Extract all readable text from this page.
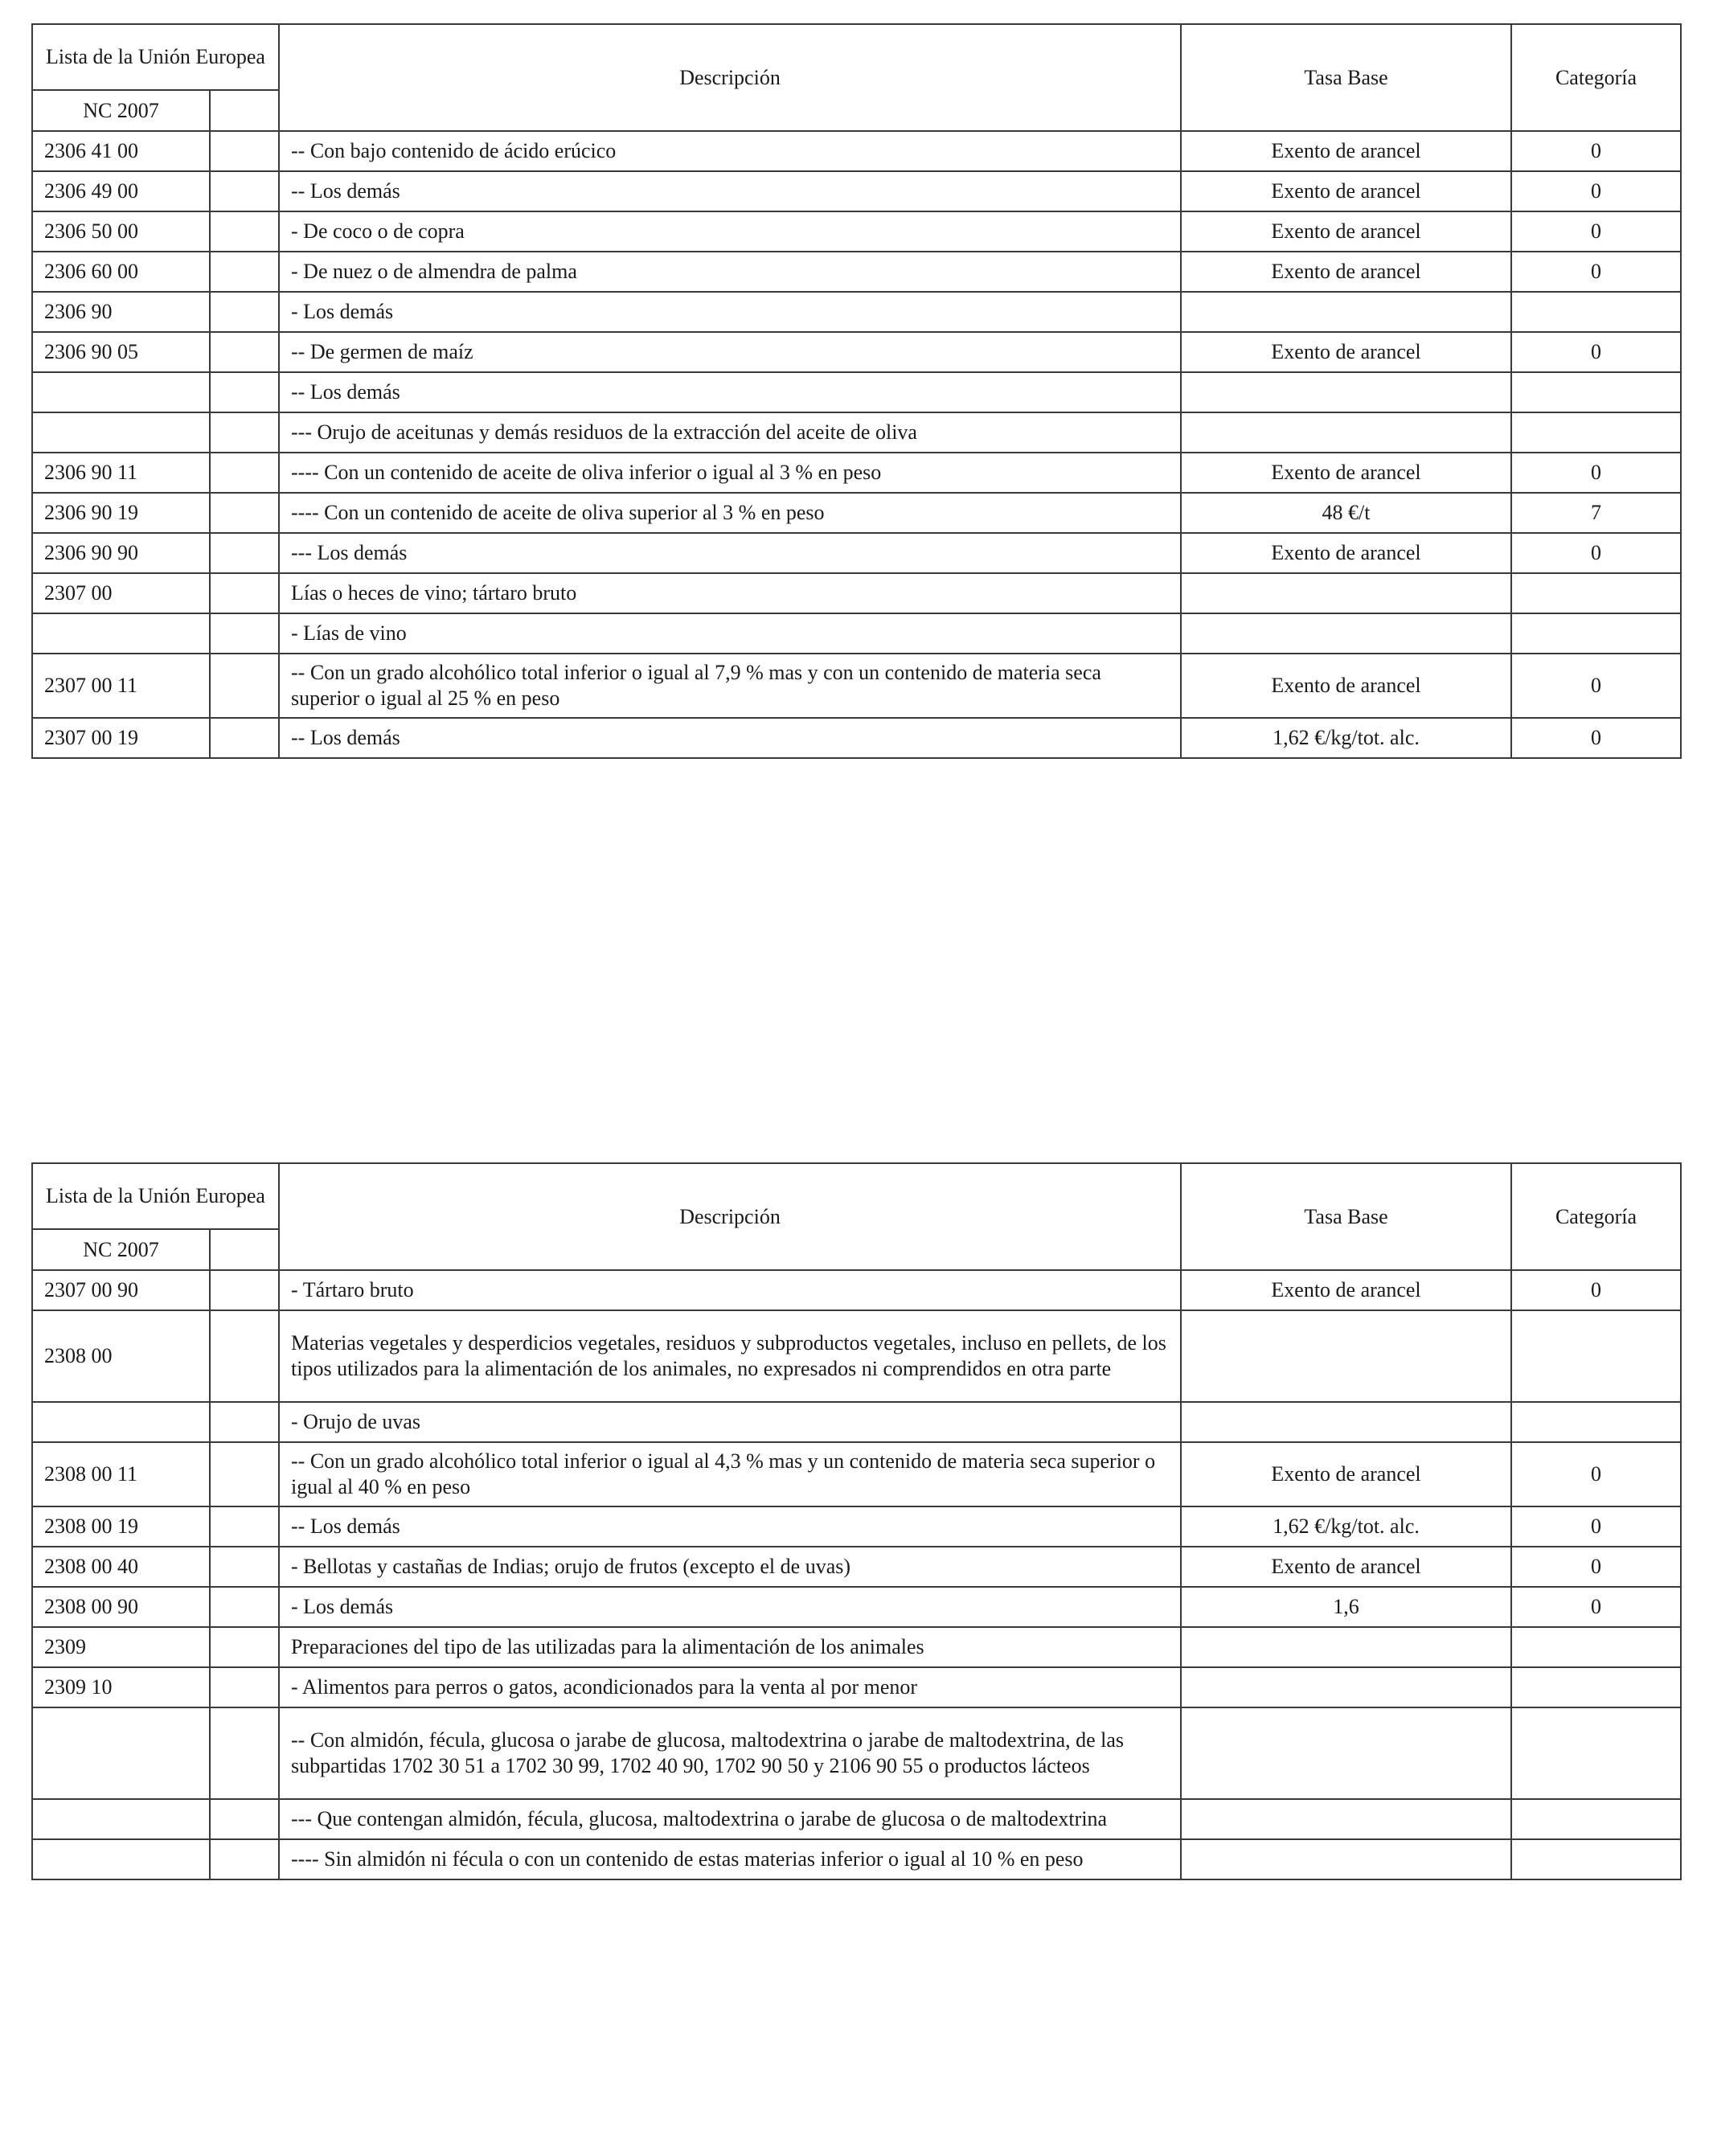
Lista de la Unión Europea		Descripción	Tasa Base	Categoría
NC 2007				
2306 41 00		-- Con bajo contenido de ácido erúcico	Exento de arancel	0
2306 49 00		-- Los demás	Exento de arancel	0
2306 50 00		- De coco o de copra	Exento de arancel	0
2306 60 00		- De nuez o de almendra de palma	Exento de arancel	0
2306 90		- Los demás		
2306 90 05		-- De germen de maíz	Exento de arancel	0
		-- Los demás		
		--- Orujo de aceitunas y demás residuos de la extracción del aceite de oliva		
2306 90 11		---- Con un contenido de aceite de oliva inferior o igual al 3 % en peso	Exento de arancel	0
2306 90 19		---- Con un contenido de aceite de oliva superior al 3 % en peso	48 €/t	7
2306 90 90		--- Los demás	Exento de arancel	0
2307 00		Lías o heces de vino; tártaro bruto		
		- Lías de vino		
2307 00 11		-- Con un grado alcohólico total inferior o igual al 7,9 % mas y con un contenido de materia seca superior o igual al 25 % en peso	Exento de arancel	0
2307 00 19		-- Los demás	1,62 €/kg/tot. alc.	0
Lista de la Unión Europea		Descripción	Tasa Base	Categoría
NC 2007				
2307 00 90		- Tártaro bruto	Exento de arancel	0
2308 00		Materias vegetales y desperdicios vegetales, residuos y subproductos vegetales, incluso en pellets, de los tipos utilizados para la alimentación de los animales, no expresados ni comprendidos en otra parte		
		- Orujo de uvas		
2308 00 11		-- Con un grado alcohólico total inferior o igual al 4,3 % mas y un contenido de materia seca superior o igual al 40 % en peso	Exento de arancel	0
2308 00 19		-- Los demás	1,62 €/kg/tot. alc.	0
2308 00 40		- Bellotas y castañas de Indias; orujo de frutos (excepto el de uvas)	Exento de arancel	0
2308 00 90		- Los demás	1,6	0
2309		Preparaciones del tipo de las utilizadas para la alimentación de los animales		
2309 10		- Alimentos para perros o gatos, acondicionados para la venta al por menor		
		-- Con almidón, fécula, glucosa o jarabe de glucosa, maltodextrina o jarabe de maltodextrina, de las subpartidas 1702 30 51 a 1702 30 99, 1702 40 90, 1702 90 50 y 2106 90 55 o productos lácteos		
		--- Que contengan almidón, fécula, glucosa, maltodextrina o jarabe de glucosa o de maltodextrina		
		---- Sin almidón ni fécula o con un contenido de estas materias inferior o igual al 10 % en peso		
